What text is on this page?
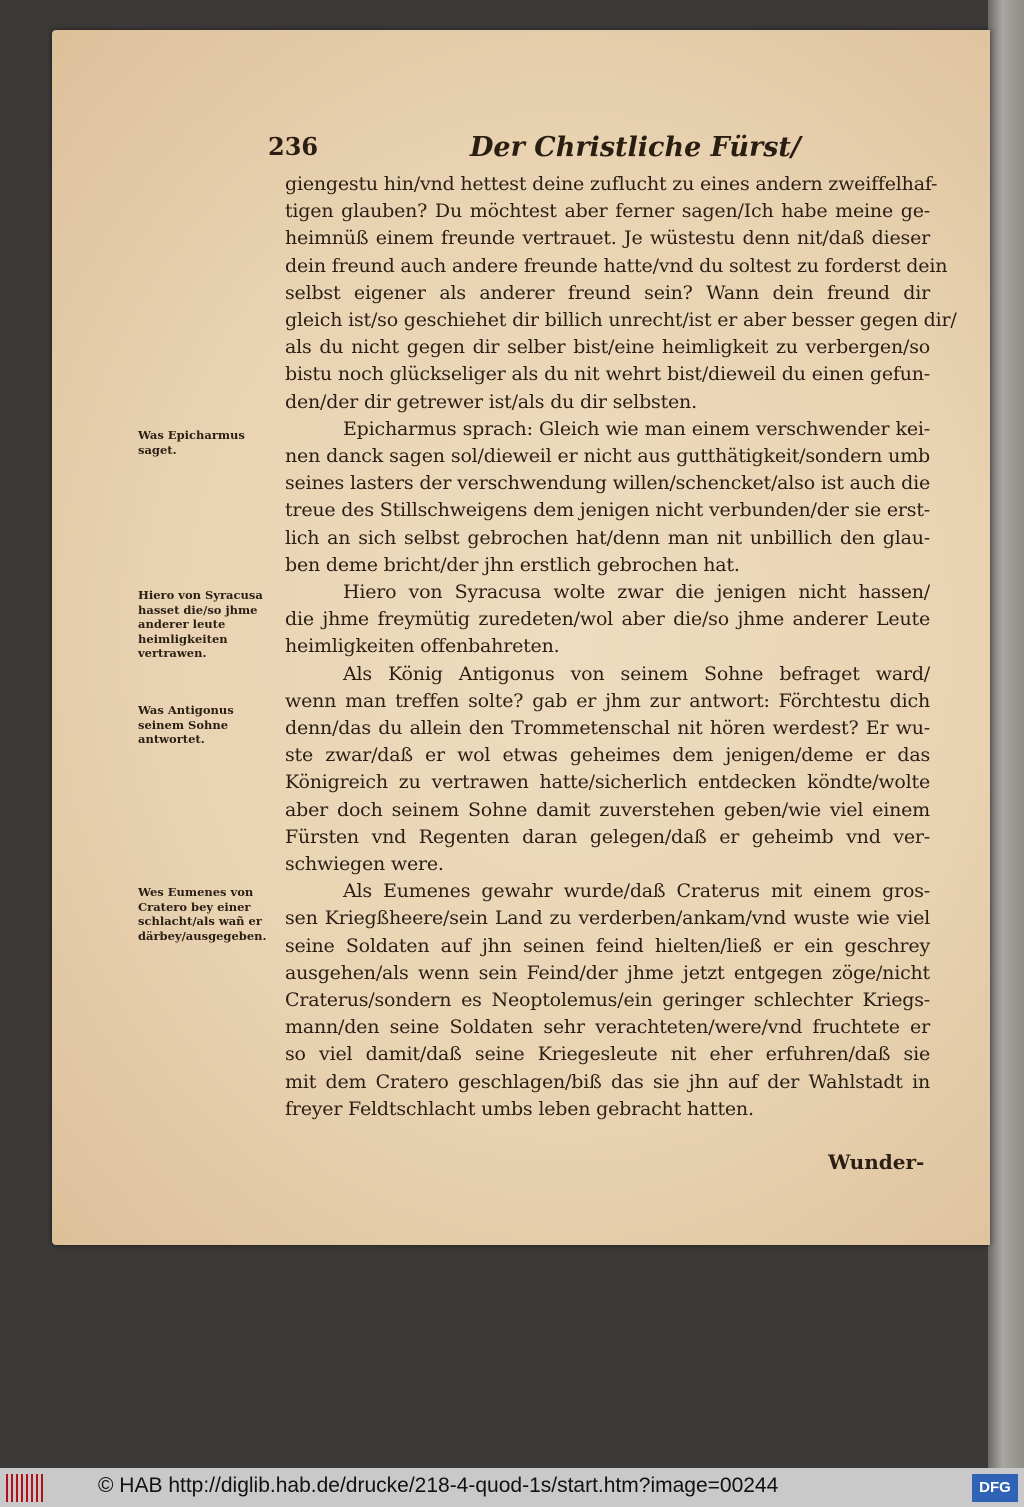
236	Der Christliche Fürst/
giengestu hin/vnd hettest deine zuflucht zu eines andern zweiffelhaf-
tigen glauben? Du möchtest aber ferner sagen/Ich habe meine ge-
heimnüß einem freunde vertrauet. Je wüstestu denn nit/daß dieser
dein freund auch andere freunde hatte/vnd du soltest zu forderst dein
selbst eigener als anderer freund sein? Wann dein freund dir
gleich ist/so geschiehet dir billich unrecht/ist er aber besser gegen dir/
als du nicht gegen dir selber bist/eine heimligkeit zu verbergen/so
bistu noch glückseliger als du nit wehrt bist/dieweil du einen gefun-
den/der dir getrewer ist/als du dir selbsten.
Epicharmus sprach: Gleich wie man einem verschwender kei-
nen danck sagen sol/dieweil er nicht aus gutthätigkeit/sondern umb
seines lasters der verschwendung willen/schencket/also ist auch die
treue des Stillschweigens dem jenigen nicht verbunden/der sie erst-
lich an sich selbst gebrochen hat/denn man nit unbillich den glau-
ben deme bricht/der jhn erstlich gebrochen hat.
Hiero von Syracusa wolte zwar die jenigen nicht hassen/
die jhme freymütig zuredeten/wol aber die/so jhme anderer Leute
heimligkeiten offenbahreten.
Als König Antigonus von seinem Sohne befraget ward/
wenn man treffen solte? gab er jhm zur antwort: Förchtestu dich
denn/das du allein den Trommetenschal nit hören werdest? Er wu-
ste zwar/daß er wol etwas geheimes dem jenigen/deme er das
Königreich zu vertrawen hatte/sicherlich entdecken köndte/wolte
aber doch seinem Sohne damit zuverstehen geben/wie viel einem
Fürsten vnd Regenten daran gelegen/daß er geheimb vnd ver-
schwiegen were.
Als Eumenes gewahr wurde/daß Craterus mit einem gros-
sen Kriegßheere/sein Land zu verderben/ankam/vnd wuste wie viel
seine Soldaten auf jhn seinen feind hielten/ließ er ein geschrey
ausgehen/als wenn sein Feind/der jhme jetzt entgegen zöge/nicht
Craterus/sondern es Neoptolemus/ein geringer schlechter Kriegs-
mann/den seine Soldaten sehr verachteten/were/vnd fruchtete er
so viel damit/daß seine Kriegesleute nit eher erfuhren/daß sie
mit dem Cratero geschlagen/biß das sie jhn auf der Wahlstadt in
freyer Feldtschlacht umbs leben gebracht hatten.
Was Epicharmus saget.
Hiero von Syracusa hasset die/so jhme anderer leute heimligkeiten vertrawen.
Was Antigonus seinem Sohne antwortet.
Wes Eumenes von Cratero bey einer schlacht/als wañ er därbey/ausgegeben.
Wunder-
© HAB http://diglib.hab.de/drucke/218-4-quod-1s/start.htm?image=00244	DFG
